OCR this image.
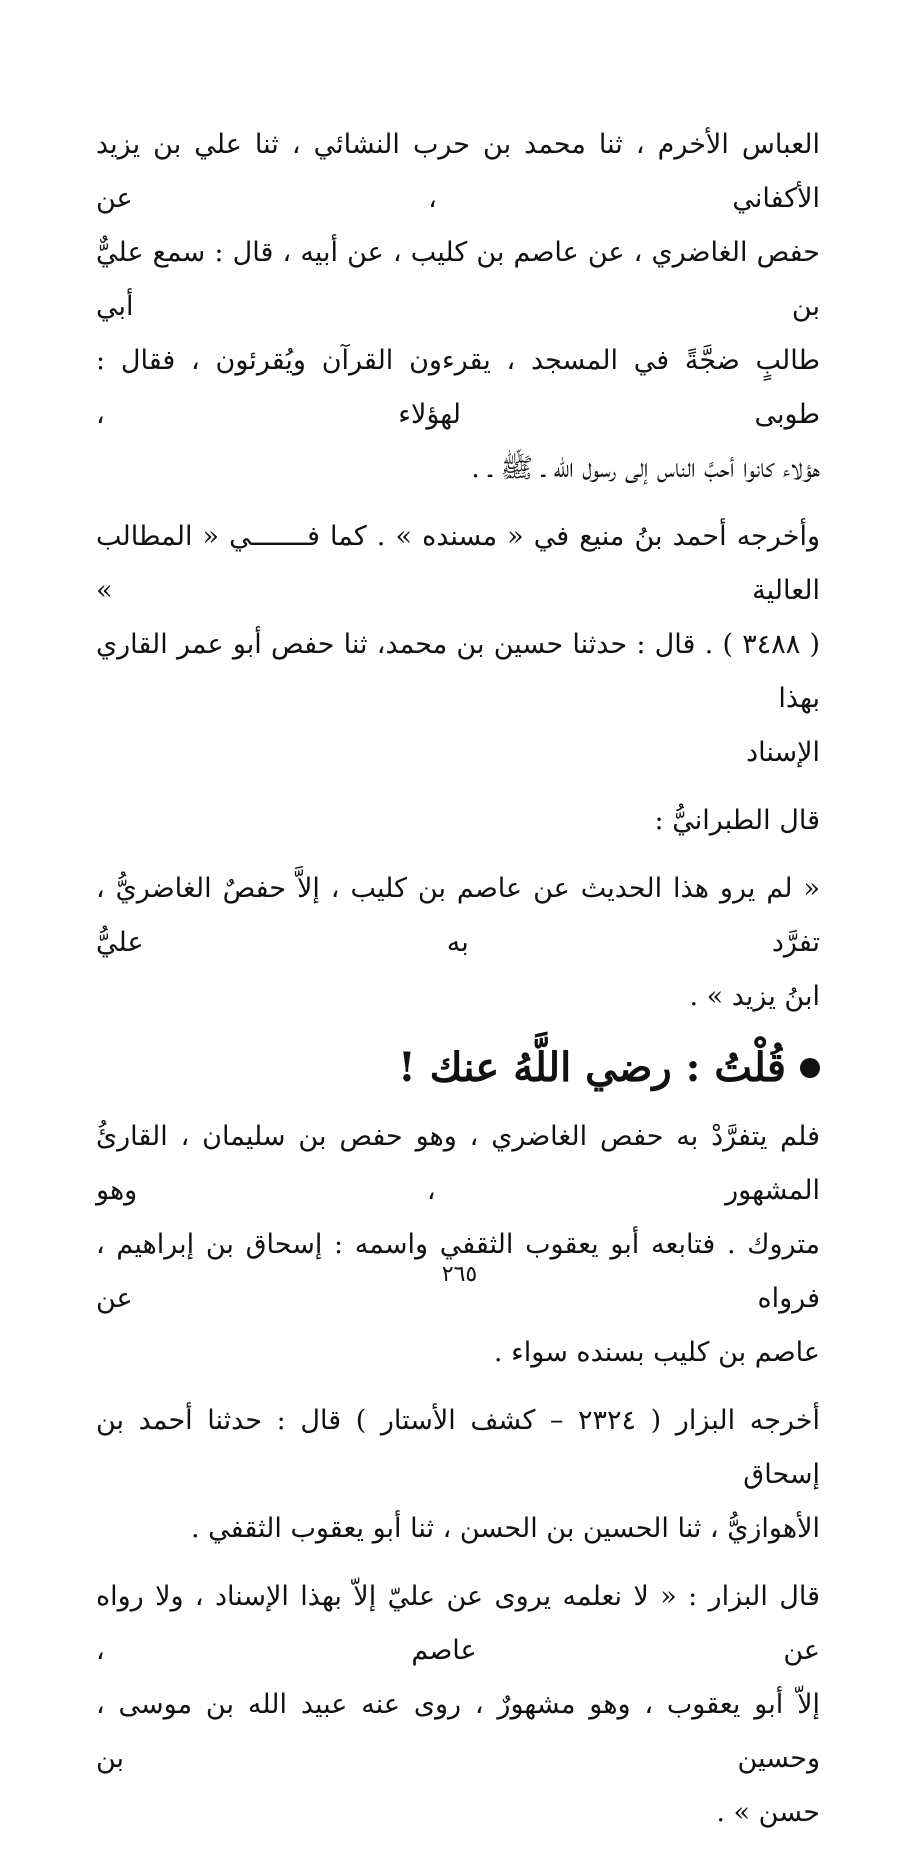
العباس الأخرم ، ثنا محمد بن حرب النشائي ، ثنا علي بن يزيد الأكفاني ، عن
حفص الغاضري ، عن عاصم بن كليب ، عن أبيه ، قال : سمع عليٌّ بن أبي
طالبٍ ضجَّةً في المسجد ، يقرءون القرآن ويُقرئون ، فقال : طوبى لهؤلاء ،
هؤلاء كانوا أحبَّ الناس إلى رسول الله ـ ﷺ ـ .
وأخرجه أحمد بنُ منيع في « مسنده » . كما فـــــــي « المطالب العالية »
( ٣٤٨٨ ) . قال : حدثنا حسين بن محمد، ثنا حفص أبو عمر القاري بهذا
الإسناد
قال الطبرانيُّ :
« لم يرو هذا الحديث عن عاصم بن كليب ، إلاَّ حفصٌ الغاضريُّ ، تفرَّد به عليُّ
ابنُ يزيد » .
قُلْتُ : رضي اللَّهُ عنك !
فلم يتفرَّدْ به حفص الغاضري ، وهو حفص بن سليمان ، القارئُ المشهور ، وهو
متروك . فتابعه أبو يعقوب الثقفي واسمه : إسحاق بن إبراهيم ، فرواه عن
عاصم بن كليب بسنده سواء .
أخرجه البزار ( ٢٣٢٤ – كشف الأستار ) قال : حدثنا أحمد بن إسحاق
الأهوازيُّ ، ثنا الحسين بن الحسن ، ثنا أبو يعقوب الثقفي .
قال البزار : « لا نعلمه يروى عن عليّ إلاّ بهذا الإسناد ، ولا رواه عن عاصم ،
إلاّ أبو يعقوب ، وهو مشهورٌ ، روى عنه عبيد الله بن موسى ، وحسين بن
حسن » .
٢٦٥
